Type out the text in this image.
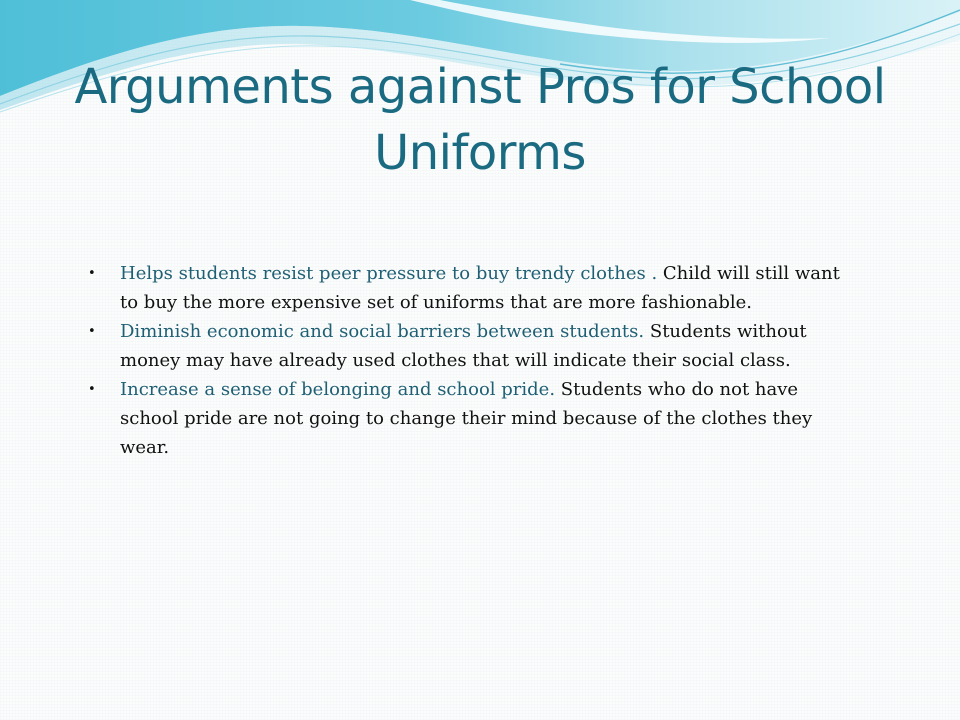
Arguments against Pros for School Uniforms
• Helps students resist peer pressure to buy trendy clothes . Child will still want to buy the more expensive set of uniforms that are more fashionable.
• Diminish economic and social barriers between students. Students without money may have already used clothes that will indicate their social class.
• Increase a sense of belonging and school pride. Students who do not have school pride are not going to change their mind because of the clothes they wear.
